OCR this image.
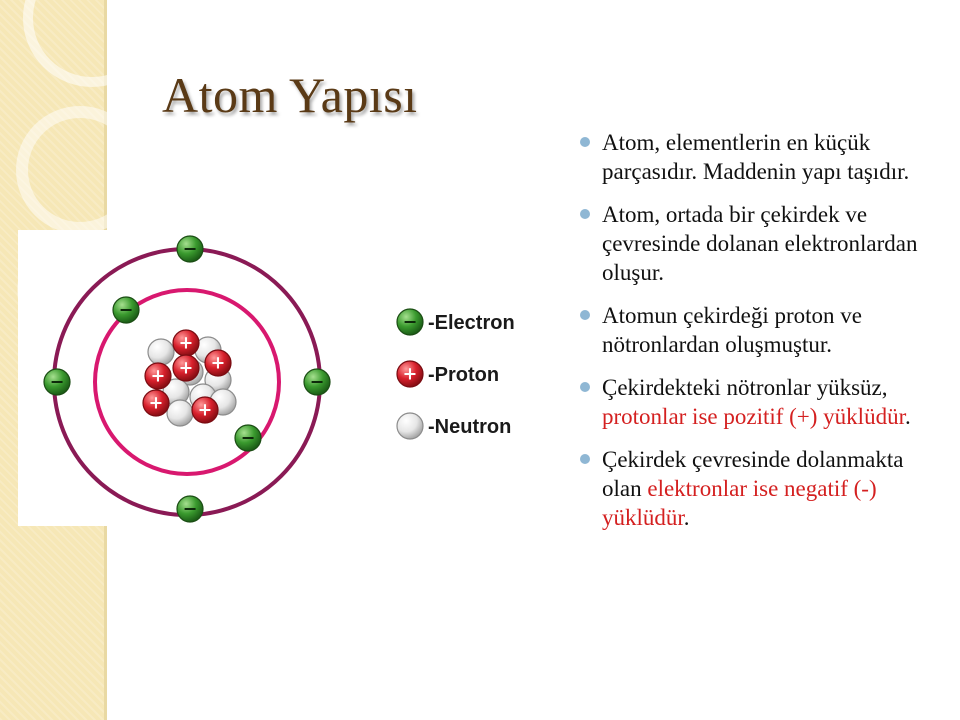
Atom Yapısı
+
+
+
+
+ +
−
−
−	−
−
−
− -Electron
+ -Proton
-Neutron
Atom, elementlerin en küçük parçasıdır. Maddenin yapı taşıdır.
Atom, ortada bir çekirdek ve çevresinde dolanan elektronlardan oluşur.
Atomun çekirdeği proton ve nötronlardan oluşmuştur.
Çekirdekteki nötronlar yüksüz, protonlar ise pozitif (+) yüklüdür.
Çekirdek çevresinde dolanmakta olan elektronlar ise negatif (-) yüklüdür.
